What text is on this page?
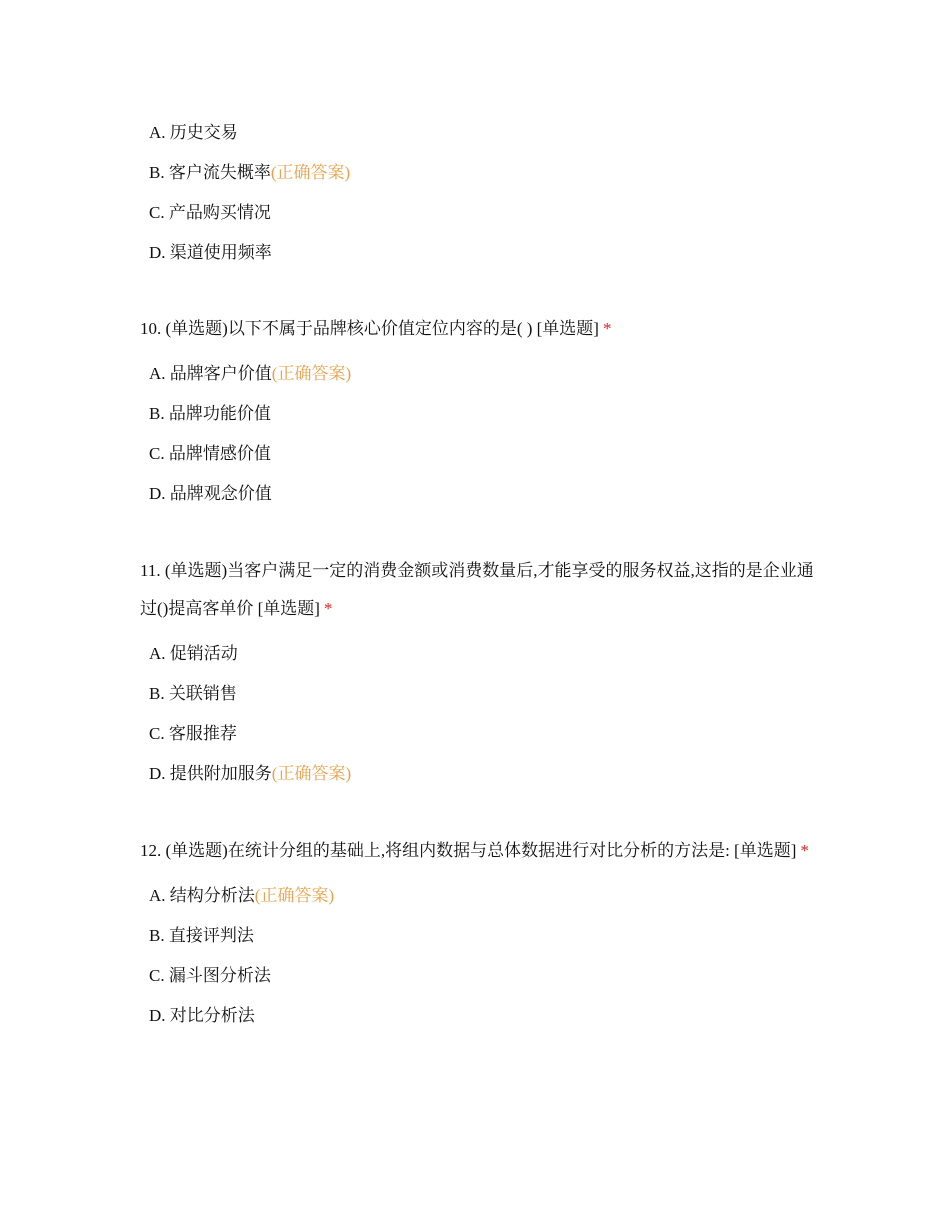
A. 历史交易
B. 客户流失概率(正确答案)
C. 产品购买情况
D. 渠道使用频率

10. (单选题)以下不属于品牌核心价值定位内容的是( ) [单选题] *

A. 品牌客户价值(正确答案)
B. 品牌功能价值
C. 品牌情感价值
D. 品牌观念价值

11. (单选题)当客户满足一定的消费金额或消费数量后,才能享受的服务权益,这指的是企业通过()提高客单价 [单选题] *

A. 促销活动
B. 关联销售
C. 客服推荐
D. 提供附加服务(正确答案)

12. (单选题)在统计分组的基础上,将组内数据与总体数据进行对比分析的方法是: [单选题] *

A. 结构分析法(正确答案)
B. 直接评判法
C. 漏斗图分析法
D. 对比分析法
